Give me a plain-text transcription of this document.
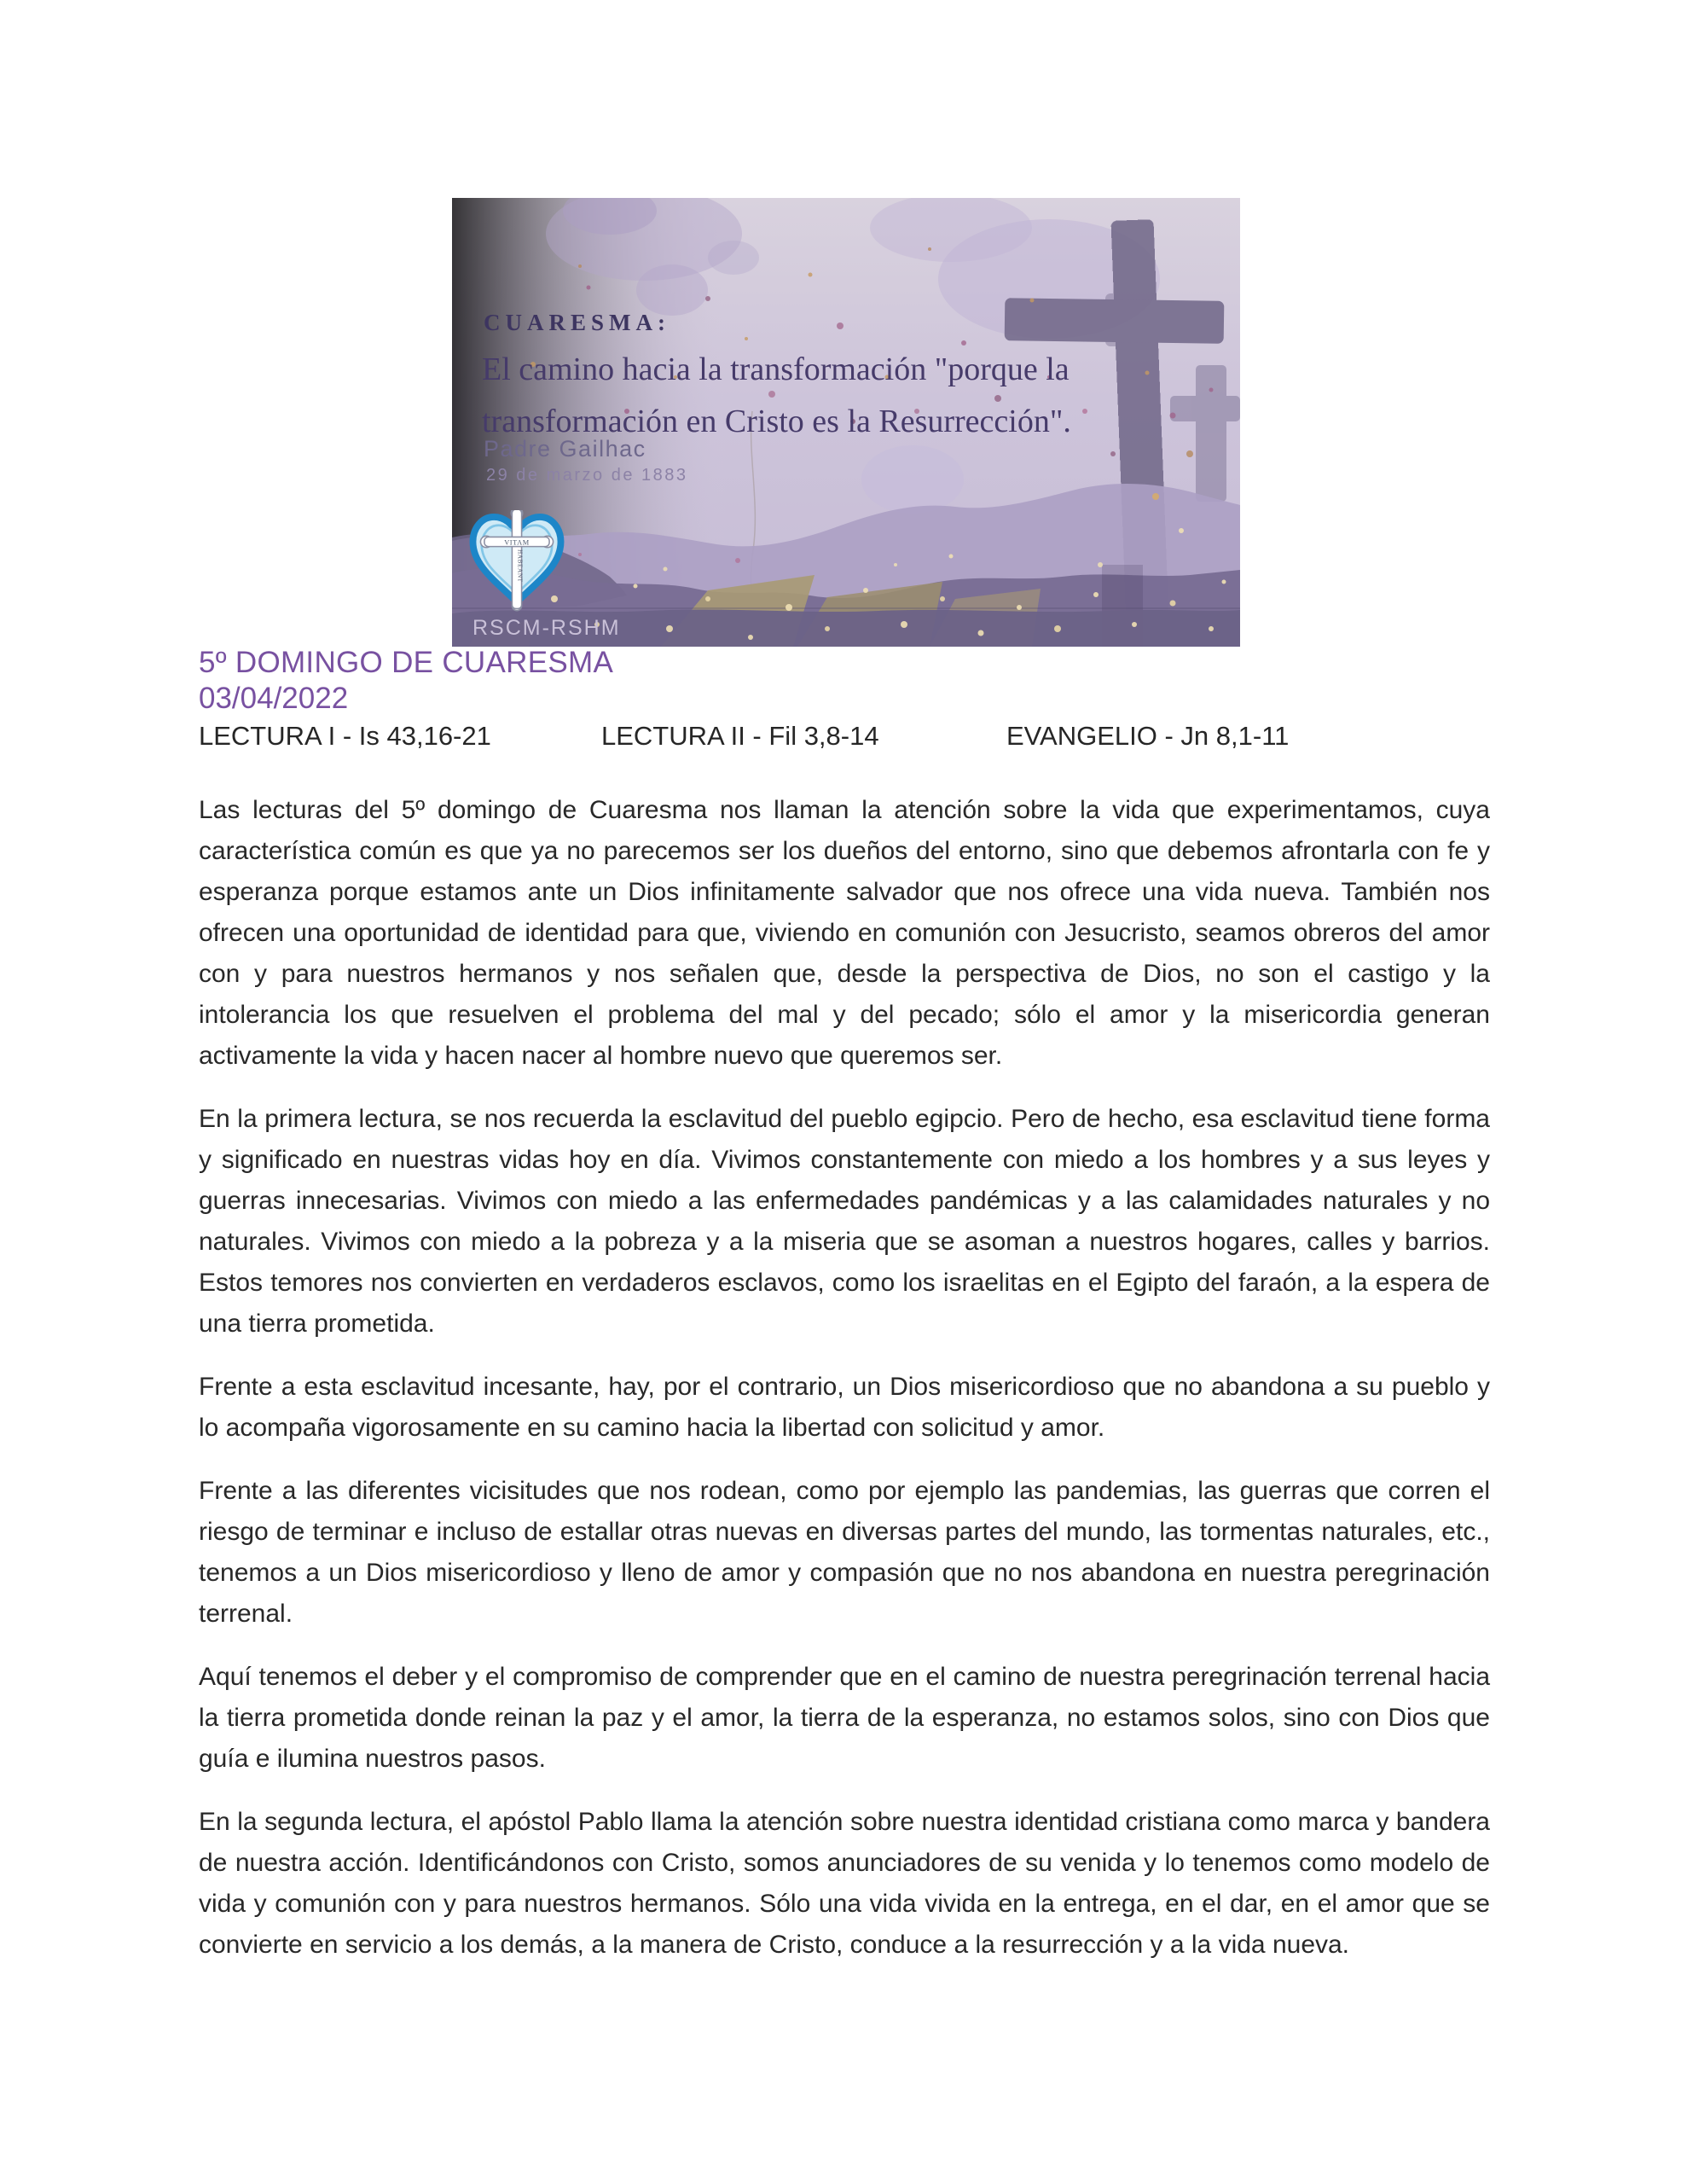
CUARESMA:
El camino hacia la transformación "porque la
transformación en Cristo es la Resurrección".
Padre Gailhac
29 de marzo de 1883
VITAM
HABEANT
RSCM-RSHM
5º DOMINGO DE CUARESMA
03/04/2022
LECTURA I - Is 43,16-21	LECTURA II - Fil 3,8-14	EVANGELIO - Jn 8,1-11

Las lecturas del 5º domingo de Cuaresma nos llaman la atención sobre la vida que experimentamos, cuya característica común es que ya no parecemos ser los dueños del entorno, sino que debemos afrontarla con fe y esperanza porque estamos ante un Dios infinitamente salvador que nos ofrece una vida nueva. También nos ofrecen una oportunidad de identidad para que, viviendo en comunión con Jesucristo, seamos obreros del amor con y para nuestros hermanos y nos señalen que, desde la perspectiva de Dios, no son el castigo y la intolerancia los que resuelven el problema del mal y del pecado; sólo el amor y la misericordia generan activamente la vida y hacen nacer al hombre nuevo que queremos ser.

En la primera lectura, se nos recuerda la esclavitud del pueblo egipcio. Pero de hecho, esa esclavitud tiene forma y significado en nuestras vidas hoy en día. Vivimos constantemente con miedo a los hombres y a sus leyes y guerras innecesarias. Vivimos con miedo a las enfermedades pandémicas y a las calamidades naturales y no naturales. Vivimos con miedo a la pobreza y a la miseria que se asoman a nuestros hogares, calles y barrios. Estos temores nos convierten en verdaderos esclavos, como los israelitas en el Egipto del faraón, a la espera de una tierra prometida.

Frente a esta esclavitud incesante, hay, por el contrario, un Dios misericordioso que no abandona a su pueblo y lo acompaña vigorosamente en su camino hacia la libertad con solicitud y amor.

Frente a las diferentes vicisitudes que nos rodean, como por ejemplo las pandemias, las guerras que corren el riesgo de terminar e incluso de estallar otras nuevas en diversas partes del mundo, las tormentas naturales, etc., tenemos a un Dios misericordioso y lleno de amor y compasión que no nos abandona en nuestra peregrinación terrenal.

Aquí tenemos el deber y el compromiso de comprender que en el camino de nuestra peregrinación terrenal hacia la tierra prometida donde reinan la paz y el amor, la tierra de la esperanza, no estamos solos, sino con Dios que guía e ilumina nuestros pasos.

En la segunda lectura, el apóstol Pablo llama la atención sobre nuestra identidad cristiana como marca y bandera de nuestra acción. Identificándonos con Cristo, somos anunciadores de su venida y lo tenemos como modelo de vida y comunión con y para nuestros hermanos. Sólo una vida vivida en la entrega, en el dar, en el amor que se convierte en servicio a los demás, a la manera de Cristo, conduce a la resurrección y a la vida nueva.
